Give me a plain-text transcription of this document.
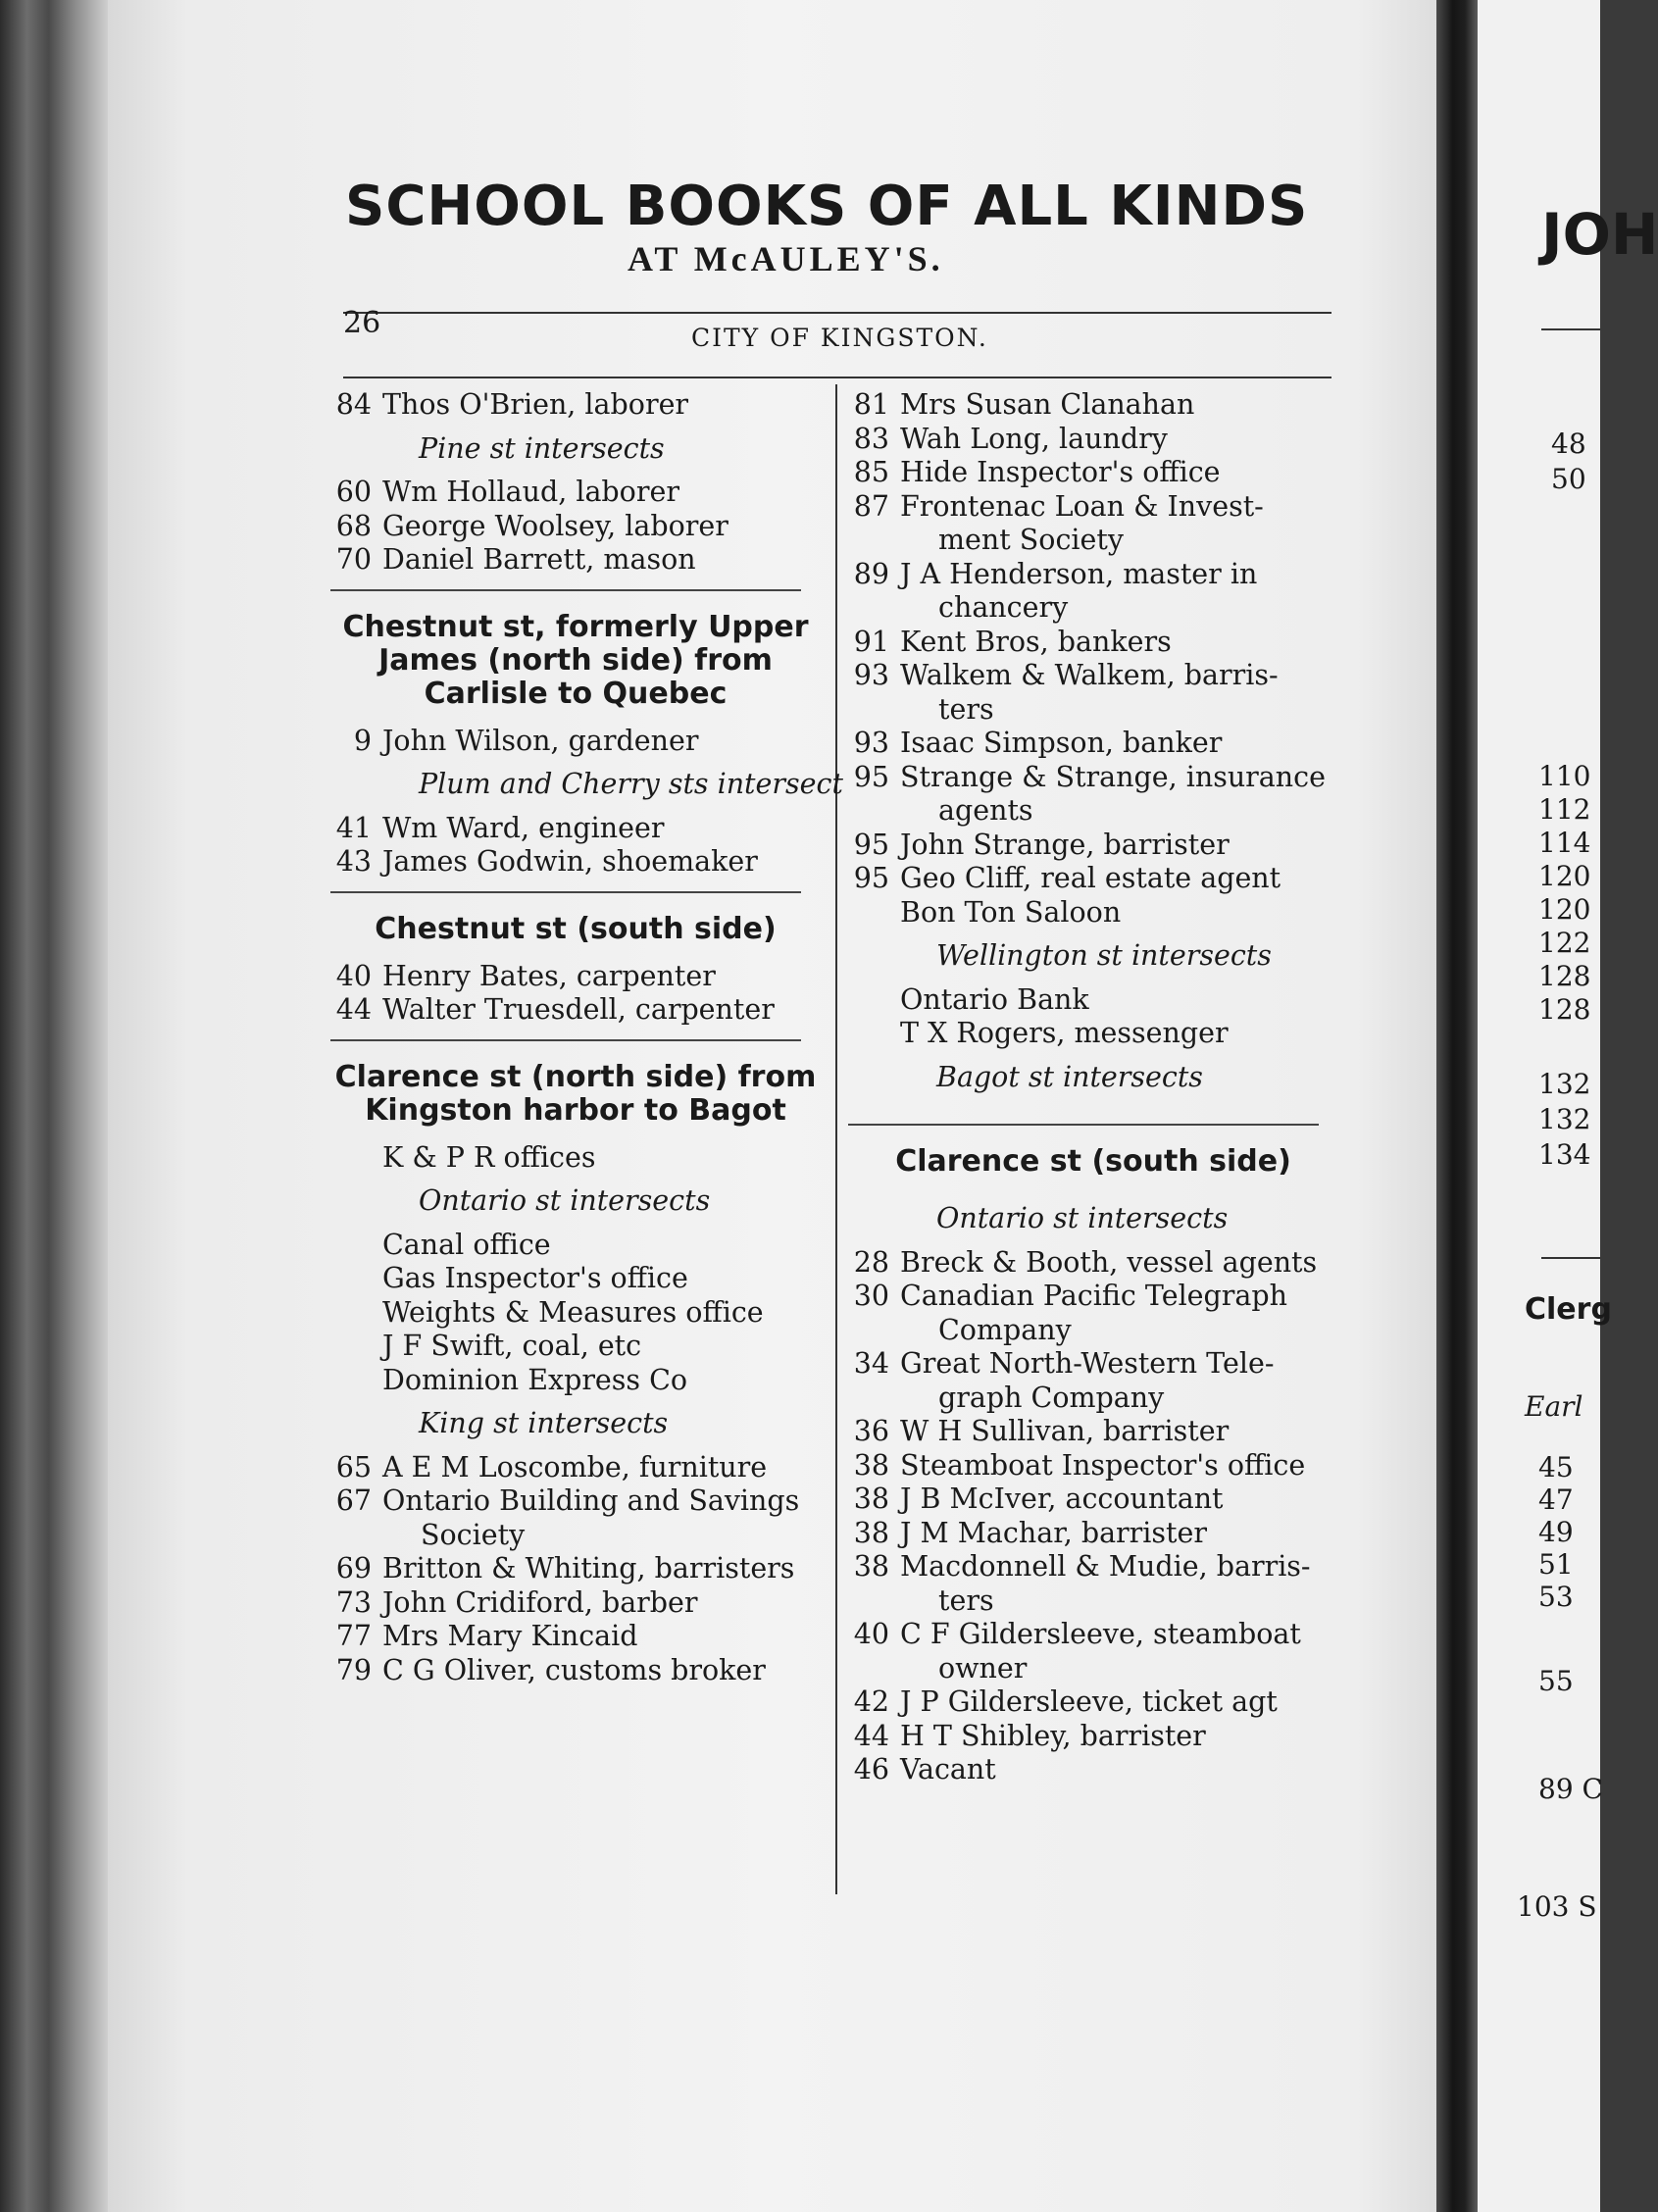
SCHOOL BOOKS OF ALL KINDS
AT McAULEY'S.
26	CITY OF KINGSTON.
84 Thos O'Brien, laborer
Pine st intersects
60 Wm Hollaud, laborer
68 George Woolsey, laborer
70 Daniel Barrett, mason
Chestnut st, formerly Upper
James (north side) from
Carlisle to Quebec
9 John Wilson, gardener
Plum and Cherry sts intersect
41 Wm Ward, engineer
43 James Godwin, shoemaker
Chestnut st (south side)
40 Henry Bates, carpenter
44 Walter Truesdell, carpenter
Clarence st (north side) from
Kingston harbor to Bagot
K & P R offices
Ontario st intersects
Canal office
Gas Inspector's office
Weights & Measures office
J F Swift, coal, etc
Dominion Express Co
King st intersects
65 A E M Loscombe, furniture
67 Ontario Building and Savings
Society
69 Britton & Whiting, barristers
73 John Cridiford, barber
77 Mrs Mary Kincaid
79 C G Oliver, customs broker
81 Mrs Susan Clanahan
83 Wah Long, laundry
85 Hide Inspector's office
87 Frontenac Loan & Invest-
ment Society
89 J A Henderson, master in
chancery
91 Kent Bros, bankers
93 Walkem & Walkem, barris-
ters
93 Isaac Simpson, banker
95 Strange & Strange, insurance
agents
95 John Strange, barrister
95 Geo Cliff, real estate agent
Bon Ton Saloon
Wellington st intersects
Ontario Bank
T X Rogers, messenger
Bagot st intersects
Clarence st (south side)
Ontario st intersects
28 Breck & Booth, vessel agents
30 Canadian Pacific Telegraph
Company
34 Great North-Western Tele-
graph Company
36 W H Sullivan, barrister
38 Steamboat Inspector's office
38 J B McIver, accountant
38 J M Machar, barrister
38 Macdonnell & Mudie, barris-
ters
40 C F Gildersleeve, steamboat
owner
42 J P Gildersleeve, ticket agt
44 H T Shibley, barrister
46 Vacant
JOH
48
50
110
112
114
120
120
122
128
128
132
132
134
Clerg
Earl
45
47
49
51
53
55
89 C
103 S
